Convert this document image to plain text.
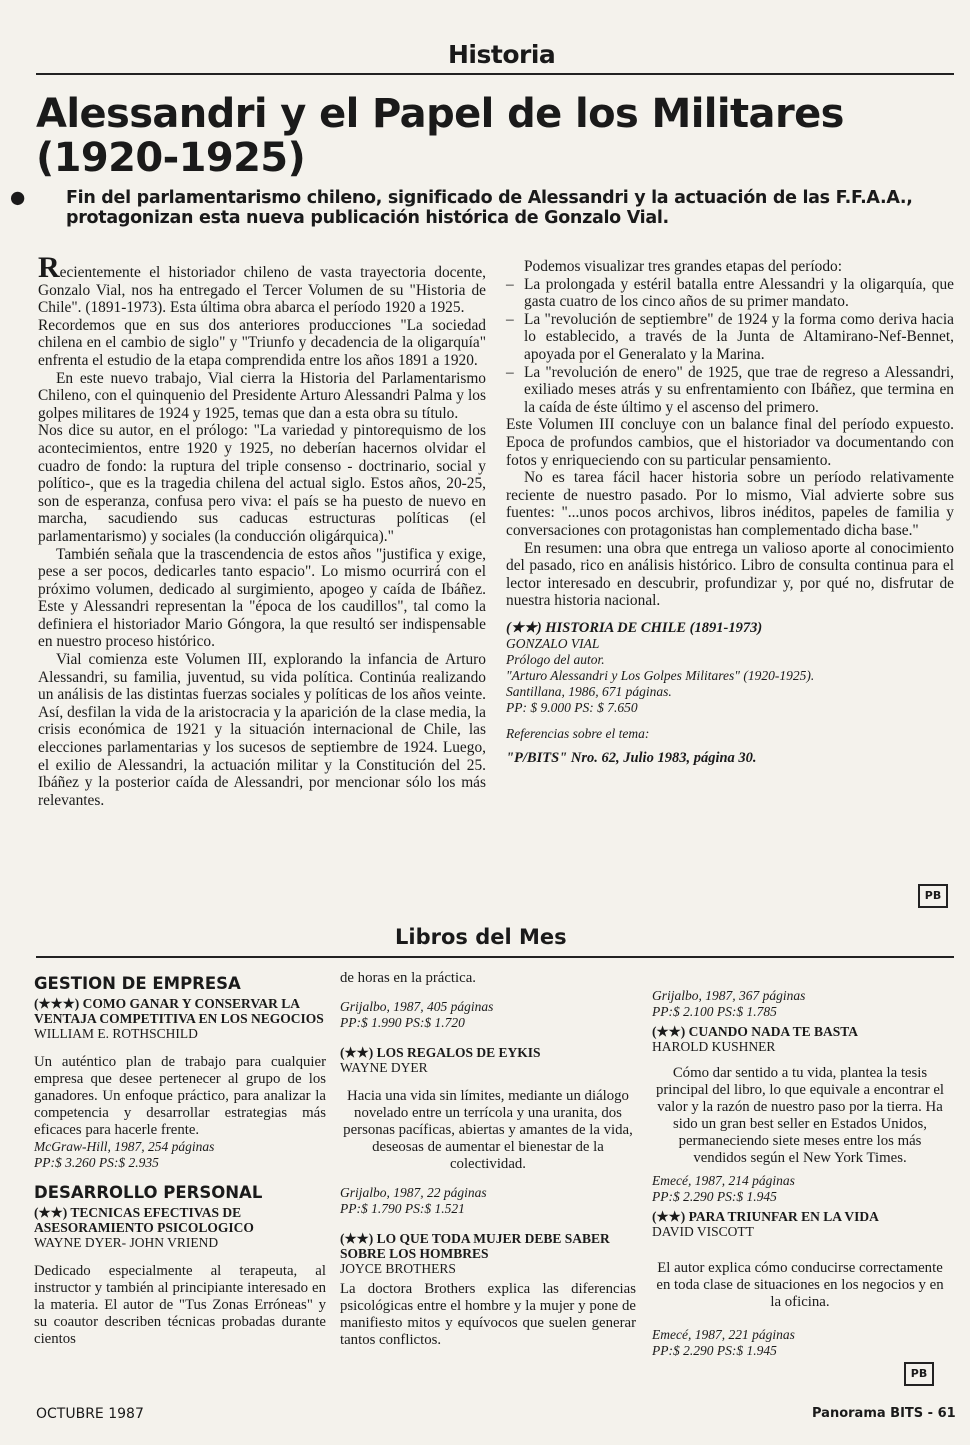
Historia
Alessandri y el Papel de los Militares (1920-1925)

● Fin del parlamentarismo chileno, significado de Alessandri y la actuación de las F.F.A.A., protagonizan esta nueva publicación histórica de Gonzalo Vial.

Recientemente el historiador chileno de vasta trayectoria docente, Gonzalo Vial, nos ha entregado el Tercer Volumen de su "Historia de Chile". (1891-1973). Esta última obra abarca el período 1920 a 1925.

Recordemos que en sus dos anteriores producciones "La sociedad chilena en el cambio de siglo" y "Triunfo y decadencia de la oligarquía" enfrenta el estudio de la etapa comprendida entre los años 1891 a 1920.

En este nuevo trabajo, Vial cierra la Historia del Parlamentarismo Chileno, con el quinquenio del Presidente Arturo Alessandri Palma y los golpes militares de 1924 y 1925, temas que dan a esta obra su título.

Nos dice su autor, en el prólogo: "La variedad y pintorequismo de los acontecimientos, entre 1920 y 1925, no deberían hacernos olvidar el cuadro de fondo: la ruptura del triple consenso - doctrinario, social y político-, que es la tragedia chilena del actual siglo. Estos años, 20-25, son de esperanza, confusa pero viva: el país se ha puesto de nuevo en marcha, sacudiendo sus caducas estructuras políticas (el parlamentarismo) y sociales (la conducción oligárquica)."

También señala que la trascendencia de estos años "justifica y exige, pese a ser pocos, dedicarles tanto espacio". Lo mismo ocurrirá con el próximo volumen, dedicado al surgimiento, apogeo y caída de Ibáñez. Este y Alessandri representan la "época de los caudillos", tal como la definiera el historiador Mario Góngora, la que resultó ser indispensable en nuestro proceso histórico.

Vial comienza este Volumen III, explorando la infancia de Arturo Alessandri, su familia, juventud, su vida política. Continúa realizando un análisis de las distintas fuerzas sociales y políticas de los años veinte. Así, desfilan la vida de la aristocracia y la aparición de la clase media, la crisis económica de 1921 y la situación internacional de Chile, las elecciones parlamentarias y los sucesos de septiembre de 1924. Luego, el exilio de Alessandri, la actuación militar y la Constitución del 25. Ibáñez y la posterior caída de Alessandri, por mencionar sólo los más relevantes.

Podemos visualizar tres grandes etapas del período:

– La prolongada y estéril batalla entre Alessandri y la oligarquía, que gasta cuatro de los cinco años de su primer mandato.
– La "revolución de septiembre" de 1924 y la forma como deriva hacia lo establecido, a través de la Junta de Altamirano-Nef-Bennet, apoyada por el Generalato y la Marina.
– La "revolución de enero" de 1925, que trae de regreso a Alessandri, exiliado meses atrás y su enfrentamiento con Ibáñez, que termina en la caída de éste último y el ascenso del primero.

Este Volumen III concluye con un balance final del período expuesto. Epoca de profundos cambios, que el historiador va documentando con fotos y enriqueciendo con su particular pensamiento.

No es tarea fácil hacer historia sobre un período relativamente reciente de nuestro pasado. Por lo mismo, Vial advierte sobre sus fuentes: "...unos pocos archivos, libros inéditos, papeles de familia y conversaciones con protagonistas han complementado dicha base."

En resumen: una obra que entrega un valioso aporte al conocimiento del pasado, rico en análisis histórico. Libro de consulta continua para el lector interesado en descubrir, profundizar y, por qué no, disfrutar de nuestra historia nacional.

(★★) HISTORIA DE CHILE (1891-1973)
GONZALO VIAL
Prólogo del autor.
"Arturo Alessandri y Los Golpes Militares" (1920-1925).
Santillana, 1986, 671 páginas.
PP: $ 9.000 PS: $ 7.650
Referencias sobre el tema:
"P/BITS" Nro. 62, Julio 1983, página 30.
PB
Libros del Mes
GESTION DE EMPRESA
(★★★) COMO GANAR Y CONSERVAR LA VENTAJA COMPETITIVA EN LOS NEGOCIOS
WILLIAM E. ROTHSCHILD
Un auténtico plan de trabajo para cualquier empresa que desee pertenecer al grupo de los ganadores. Un enfoque práctico, para analizar la competencia y desarrollar estrategias más eficaces para hacerle frente.
McGraw-Hill, 1987, 254 páginas
PP:$ 3.260 PS:$ 2.935
DESARROLLO PERSONAL
(★★) TECNICAS EFECTIVAS DE ASESORAMIENTO PSICOLOGICO
WAYNE DYER- JOHN VRIEND
Dedicado especialmente al terapeuta, al instructor y también al principiante interesado en la materia. El autor de "Tus Zonas Erróneas" y su coautor describen técnicas probadas durante cientos
de horas en la práctica.
Grijalbo, 1987, 405 páginas
PP:$ 1.990 PS:$ 1.720
(★★) LOS REGALOS DE EYKIS
WAYNE DYER
Hacia una vida sin límites, mediante un diálogo novelado entre un terrícola y una uranita, dos personas pacíficas, abiertas y amantes de la vida, deseosas de aumentar el bienestar de la colectividad.
Grijalbo, 1987, 22 páginas
PP:$ 1.790 PS:$ 1.521
(★★) LO QUE TODA MUJER DEBE SABER SOBRE LOS HOMBRES
JOYCE BROTHERS
La doctora Brothers explica las diferencias psicológicas entre el hombre y la mujer y pone de manifiesto mitos y equívocos que suelen generar tantos conflictos.
Grijalbo, 1987, 367 páginas
PP:$ 2.100 PS:$ 1.785
(★★) CUANDO NADA TE BASTA
HAROLD KUSHNER
Cómo dar sentido a tu vida, plantea la tesis principal del libro, lo que equivale a encontrar el valor y la razón de nuestro paso por la tierra. Ha sido un gran best seller en Estados Unidos, permaneciendo siete meses entre los más vendidos según el New York Times.
Emecé, 1987, 214 páginas
PP:$ 2.290 PS:$ 1.945
(★★) PARA TRIUNFAR EN LA VIDA
DAVID VISCOTT
El autor explica cómo conducirse correctamente en toda clase de situaciones en los negocios y en la oficina.
Emecé, 1987, 221 páginas
PP:$ 2.290 PS:$ 1.945
PB
OCTUBRE 1987	Panorama BITS - 61
